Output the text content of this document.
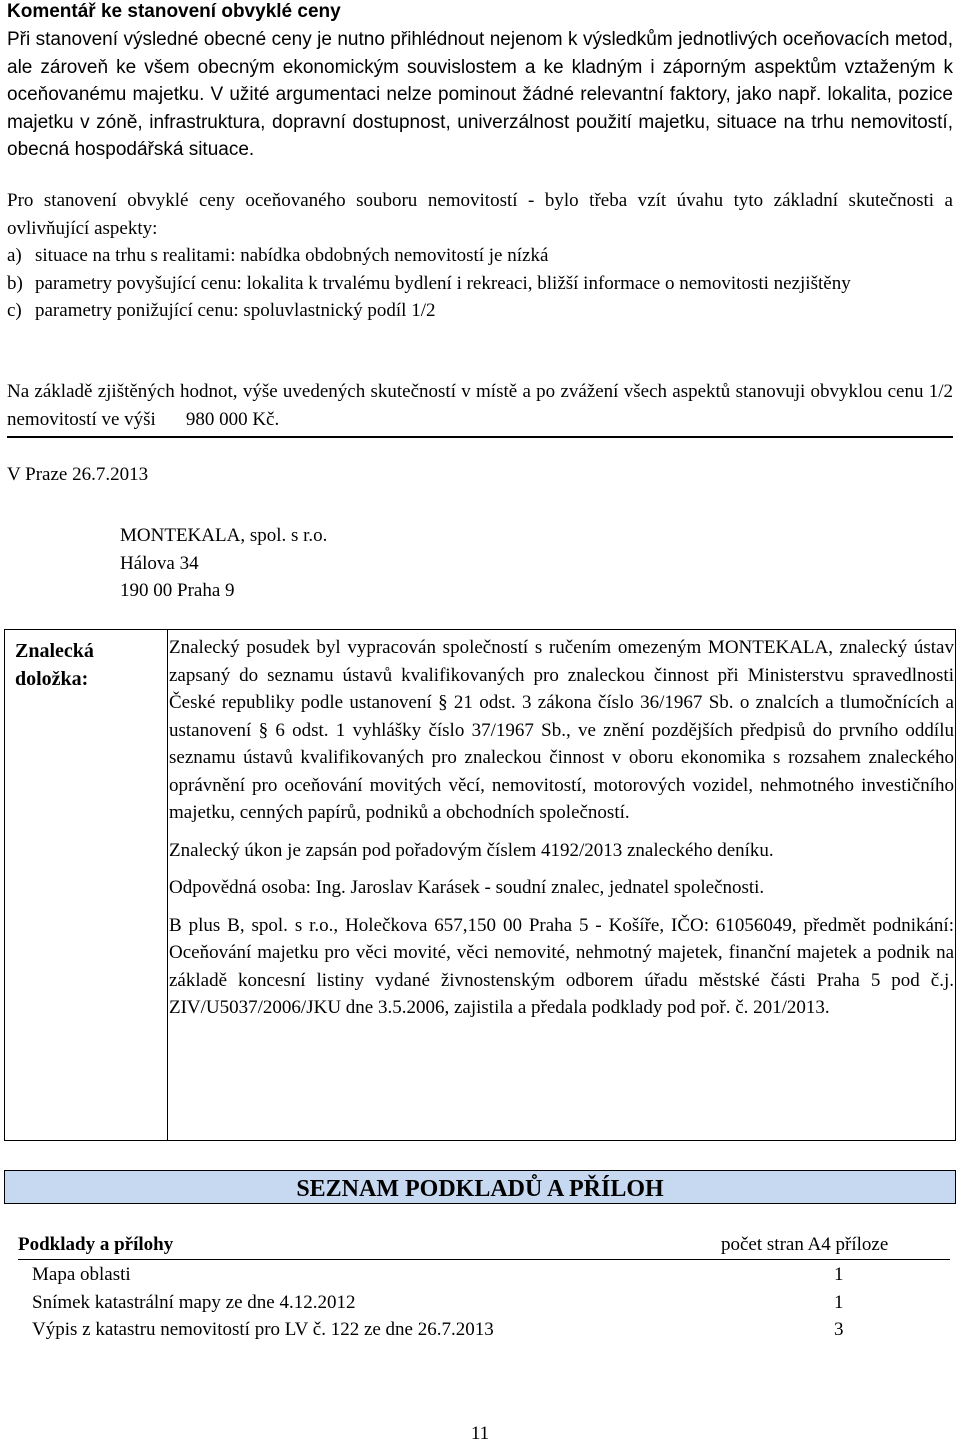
Komentář ke stanovení obvyklé ceny
Při stanovení výsledné obecné ceny je nutno přihlédnout nejenom k výsledkům jednotlivých oceňovacích metod, ale zároveň ke všem obecným ekonomickým souvislostem a ke kladným i záporným aspektům vztaženým k oceňovanému majetku. V užité argumentaci nelze pominout žádné relevantní faktory, jako např. lokalita, pozice majetku v zóně, infrastruktura, dopravní dostupnost, univerzálnost použití majetku, situace na trhu nemovitostí, obecná hospodářská situace.
Pro stanovení obvyklé ceny oceňovaného souboru nemovitostí - bylo třeba vzít úvahu tyto základní skutečnosti a ovlivňující aspekty:
a) situace na trhu s realitami: nabídka obdobných nemovitostí je nízká
b) parametry povyšující cenu: lokalita k trvalému bydlení i rekreaci, bližší informace o nemovitosti nezjištěny
c) parametry ponižující cenu: spoluvlastnický podíl 1/2
Na základě zjištěných hodnot, výše uvedených skutečností v místě a po zvážení všech aspektů stanovuji obvyklou cenu 1/2 nemovitostí ve výši 980 000 Kč.
V Praze 26.7.2013
MONTEKALA, spol. s r.o.
Hálova 34
190 00 Praha 9
Znalecká doložka:

Znalecký posudek byl vypracován společností s ručením omezeným MONTEKALA, znalecký ústav zapsaný do seznamu ústavů kvalifikovaných pro znaleckou činnost při Ministerstvu spravedlnosti České republiky podle ustanovení § 21 odst. 3 zákona číslo 36/1967 Sb. o znalcích a tlumočnících a ustanovení § 6 odst. 1 vyhlášky číslo 37/1967 Sb., ve znění pozdějších předpisů do prvního oddílu seznamu ústavů kvalifikovaných pro znaleckou činnost v oboru ekonomika s rozsahem znaleckého oprávnění pro oceňování movitých věcí, nemovitostí, motorových vozidel, nehmotného investičního majetku, cenných papírů, podniků a obchodních společností.

Znalecký úkon je zapsán pod pořadovým číslem 4192/2013 znaleckého deníku.

Odpovědná osoba: Ing. Jaroslav Karásek - soudní znalec, jednatel společnosti.

B plus B, spol. s r.o., Holečkova 657,150 00 Praha 5 - Košíře, IČO: 61056049, předmět podnikání: Oceňování majetku pro věci movité, věci nemovité, nehmotný majetek, finanční majetek a podnik na základě koncesní listiny vydané živnostenským odborem úřadu městské části Praha 5 pod č.j. ZIV/U5037/2006/JKU dne 3.5.2006, zajistila a předala podklady pod poř. č. 201/2013.

SEZNAM PODKLADŮ A PŘÍLOH
Podklady a přílohy	počet stran A4 příloze
Mapa oblasti	1
Snímek katastrální mapy ze dne 4.12.2012	1
Výpis z katastru nemovitostí pro LV č. 122 ze dne 26.7.2013	3
11
